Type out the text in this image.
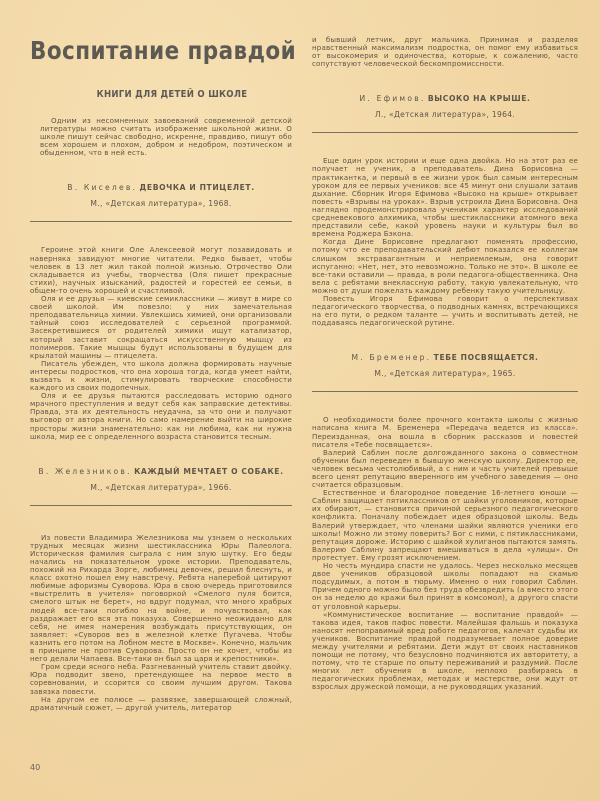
Воспитание правдой
КНИГИ ДЛЯ ДЕТЕЙ О ШКОЛЕ

Одним из несомненных завоеваний современной детской литературы можно считать изображение школьной жизни. О школе пишут сейчас свободно, искренне, правдиво, пишут обо всем хорошем и плохом, добром и недобром, поэтическом и обыденном, что в ней есть.

В. Киселев. ДЕВОЧКА И ПТИЦЕЛЕТ.
М., «Детская литература», 1968.

Героине этой книги Оле Алексеевой могут позавидовать и наверняка завидуют многие читатели. Редко бывает, чтобы человек в 13 лет жил такой полной жизнью. Отрочество Оли складывается из учебы, творчества (Оля пишет прекрасные стихи), научных изысканий, радостей и горестей ее семьи, в общем-то очень хорошей и счастливой.

Оля и ее друзья — киевские семиклассники — живут в мире со своей школой. Им повезло: у них замечательная преподавательница химии. Увлекшись химией, они организовали тайный союз исследователей с серьезной программой. Засекретившиеся от родителей химики ищут катализатор, который заставит сокращаться искусственную мышцу из полимеров. Такие мышцы будут использованы в будущем для крылатой машины — птицелета.

Писатель убежден, что школа должна формировать научные интересы подростков, что она хороша тогда, когда умеет найти, вызвать к жизни, стимулировать творческие способности каждого из своих подопечных.

Оля и ее друзья пытаются расследовать историю одного мрачного преступления и ведут себя как заправские детективы. Правда, эта их деятельность неудачна, за что они и получают выговор от автора книги. Но само намерение выйти на широкие просторы жизни знаменательно: как ни любима, как ни нужна школа, мир ее с определенного возраста становится тесным.

В. Железников. КАЖДЫЙ МЕЧТАЕТ О СОБАКЕ.
М., «Детская литература», 1966.

Из повести Владимира Железникова мы узнаем о нескольких трудных месяцах жизни шестиклассника Юры Палеолога. Историческая фамилия сыграла с ним злую шутку. Его беды начались на показательном уроке истории. Преподаватель, похожий на Рихарда Зорге, любимец девочек, решил блеснуть, и класс охотно пошел ему навстречу. Ребята наперебой цитируют любимые афоризмы Суворова. Юра в свою очередь приготовился «выстрелить в учителя» поговоркой «Смелого пуля боится, смелого штык не берет», но вдруг подумал, что много храбрых людей все-таки погибло на войне, и почувствовал, как раздражает его вся эта показуха. Совершенно неожиданно для себя, не имея намерения возбуждать присутствующих, он заявляет: «Суворов вез в железной клетке Пугачева. Чтобы казнить его потом на Лобном месте в Москве». Конечно, мальчик в принципе не против Суворова. Просто он не хочет, чтобы из него делали Чапаева. Все-таки он был за царя и крепостники».

Гром среди ясного неба. Разгневанный учитель ставит двойку. Юра подводит звено, претендующее на первое место в соревновании, и ссорится со своим лучшим другом. Такова завязка повести.

На другом ее полюсе — развязке, завершающей сложный, драматичный сюжет, — другой учитель, литератор

и бывший летчик, друг мальчика. Принимая и разделяя нравственный максимализм подростка, он помог ему избавиться от высокомерия и одиночества, которые, к сожалению, часто сопутствуют человеческой бескомпромиссности.

И. Ефимов. ВЫСОКО НА КРЫШЕ.
Л., «Детская литература», 1964.

Еще один урок истории и еще одна двойка. Но на этот раз ее получает не ученик, а преподаватель. Дина Борисовна — практикантка, и первый в ее жизни урок был самым интересным уроком для ее первых учеников: все 45 минут они слушали затаив дыхание. Сборник Игоря Ефимова «Высоко на крыше» открывает повесть «Взрывы на уроках». Взрыв устроила Дина Борисовна. Она наглядно продемонстрировала ученикам характер исследований средневекового алхимика, чтобы шестиклассники атомного века представили себе, какой уровень науки и культуры был во времена Роджера Бэкона.

Когда Дине Борисовне предлагают поменять профессию, потому что ее преподавательский дебют показался ее коллегам слишком экстравагантным и неприемлемым, она говорит испуганно: «Нет, нет, это невозможно. Только не это». В школе ее все-таки оставили — правда, в роли педагога-общественника. Она вела с ребятами внеклассную работу, такую увлекательную, что можно от души пожелать каждому ребенку такую учительницу.

Повесть Игоря Ефимова говорит о перспективах педагогического творчества, о подводных камнях, встречающихся на его пути, о редком таланте — учить и воспитывать детей, не поддаваясь педагогической рутине.

М. Бременер. ТЕБЕ ПОСВЯЩАЕТСЯ.
М., «Детская литература», 1965.

О необходимости более прочного контакта школы с жизнью написана книга М. Бременера «Передача ведется из класса». Переизданная, она вошла в сборник рассказов и повестей писателя «Тебе посвящается».

Валерий Саблин после долгожданного закона о совместном обучении был переведен в бывшую женскую школу. Директор ее, человек весьма честолюбивый, а с ним и часть учителей превыше всего ценят репутацию вверенного им учебного заведения — оно считается образцовым.

Естественное и благородное поведение 16-летнего юноши — Саблин защищает пятиклассников от шайки уголовников, которые их обирают, — становится причиной серьезного педагогического конфликта. Поначалу побеждает идея образцовой школы. Ведь Валерий утверждает, что членами шайки являются ученики его школы! Можно ли этому поверить? Бог с ними, с пятиклассниками, репутация дороже. Историю с шайкой хулиганов пытаются замять. Валерию Саблину запрещают вмешиваться в дела «улицы». Он протестует. Ему грозят исключением.

Но честь мундира спасти не удалось. Через несколько месяцев двое учеников образцовой школы попадают на скамью подсудимых, а потом в тюрьму. Именно о них говорил Саблин. Причем одного можно было без труда обезвредить (а вместо этого он за неделю до кражи был принят в комсомол), а другого спасти от уголовной карьеры.

«Коммунистическое воспитание — воспитание правдой» — такова идея, таков пафос повести. Малейшая фальшь и показуха наносят непоправимый вред работе педагогов, калечат судьбы их учеников. Воспитание правдой подразумевает полное доверие между учителями и ребятами. Дети ждут от своих наставников помощи не потому, что безусловно подчиняются их авторитету, а потому, что те старше по опыту переживаний и раздумий. После многих лет обучения в школе, неплохо разбираясь в педагогических проблемах, методах и мастерстве, они ждут от взрослых дружеской помощи, а не руководящих указаний.

40
